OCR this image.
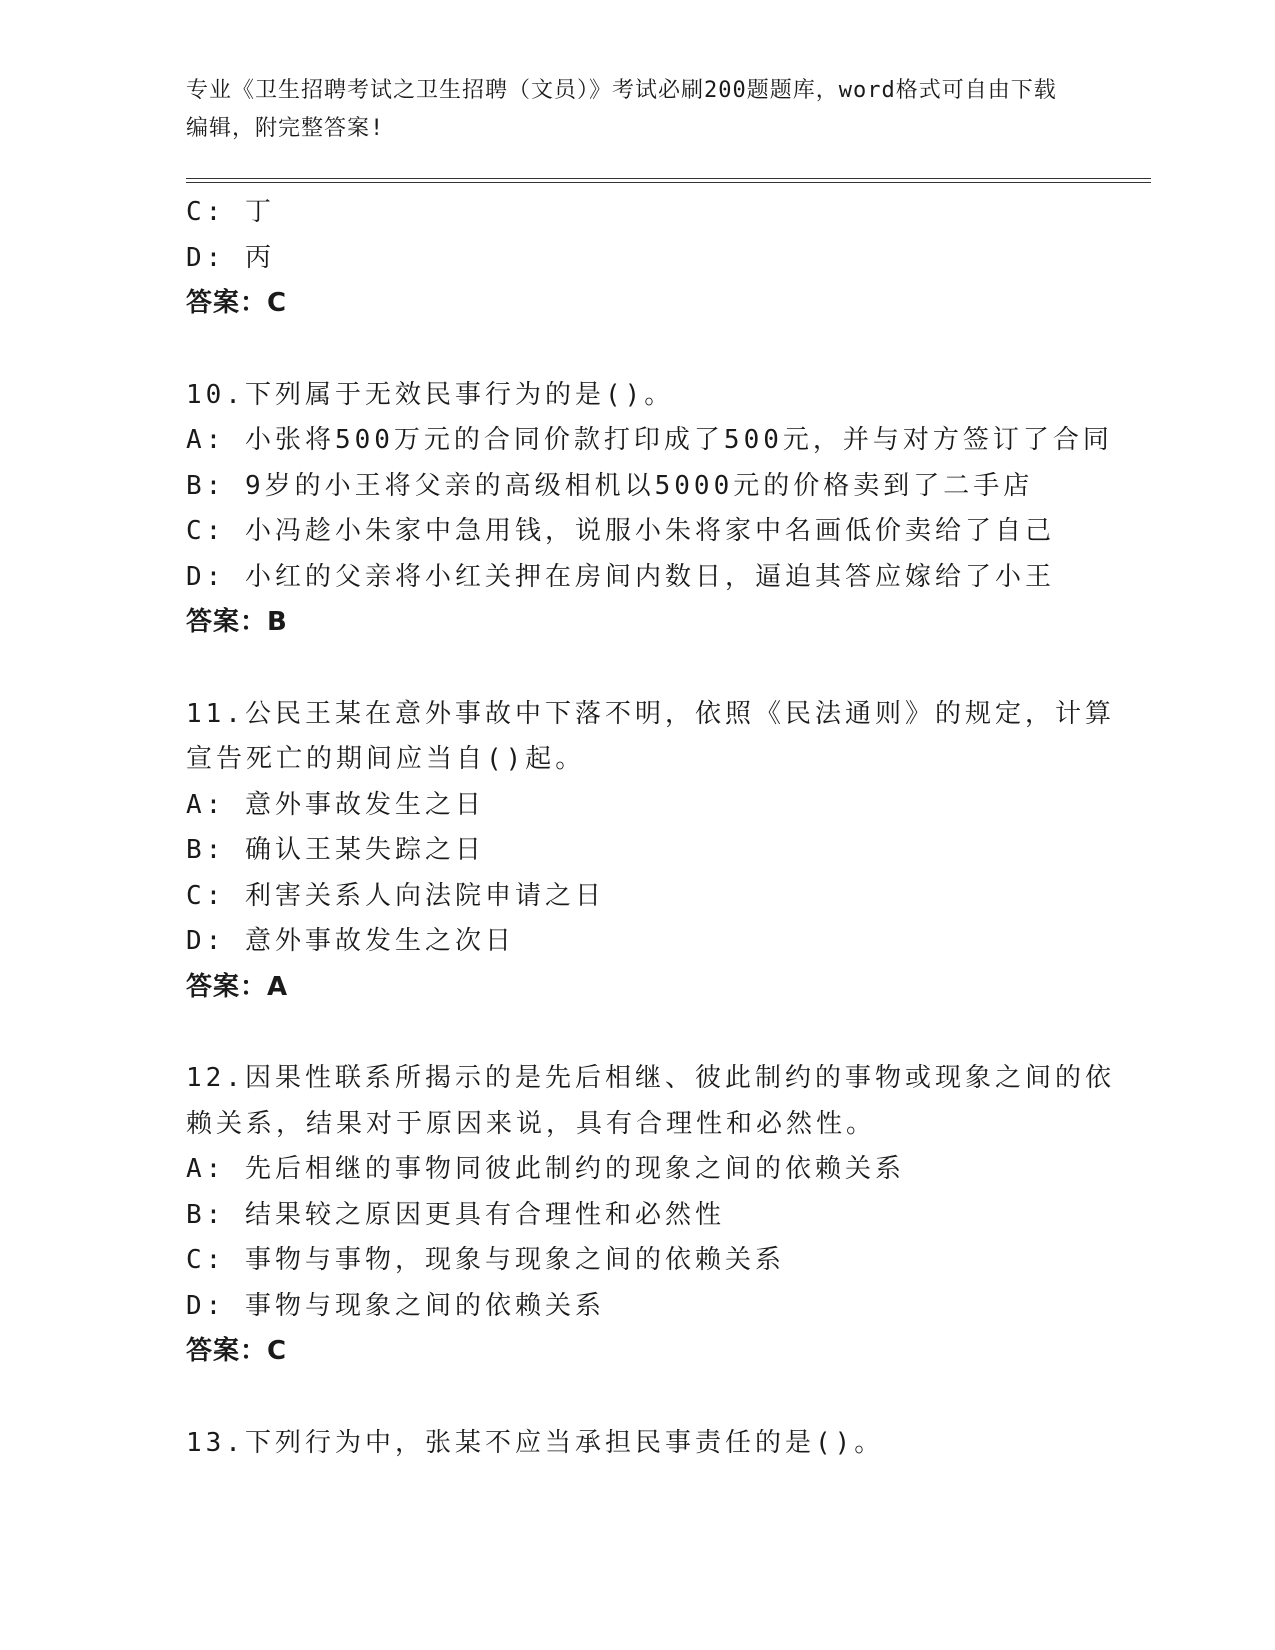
专业《卫生招聘考试之卫生招聘（文员）》考试必刷200题题库，word格式可自由下载编辑，附完整答案!
C: 丁
D: 丙
答案：C
10.下列属于无效民事行为的是()。
A: 小张将500万元的合同价款打印成了500元，并与对方签订了合同
B: 9岁的小王将父亲的高级相机以5000元的价格卖到了二手店
C: 小冯趁小朱家中急用钱，说服小朱将家中名画低价卖给了自己
D: 小红的父亲将小红关押在房间内数日，逼迫其答应嫁给了小王
答案：B
11.公民王某在意外事故中下落不明，依照《民法通则》的规定，计算
宣告死亡的期间应当自()起。
A: 意外事故发生之日
B: 确认王某失踪之日
C: 利害关系人向法院申请之日
D: 意外事故发生之次日
答案：A
12.因果性联系所揭示的是先后相继、彼此制约的事物或现象之间的依
赖关系，结果对于原因来说，具有合理性和必然性。
A: 先后相继的事物同彼此制约的现象之间的依赖关系
B: 结果较之原因更具有合理性和必然性
C: 事物与事物，现象与现象之间的依赖关系
D: 事物与现象之间的依赖关系
答案：C
13.下列行为中，张某不应当承担民事责任的是()。
